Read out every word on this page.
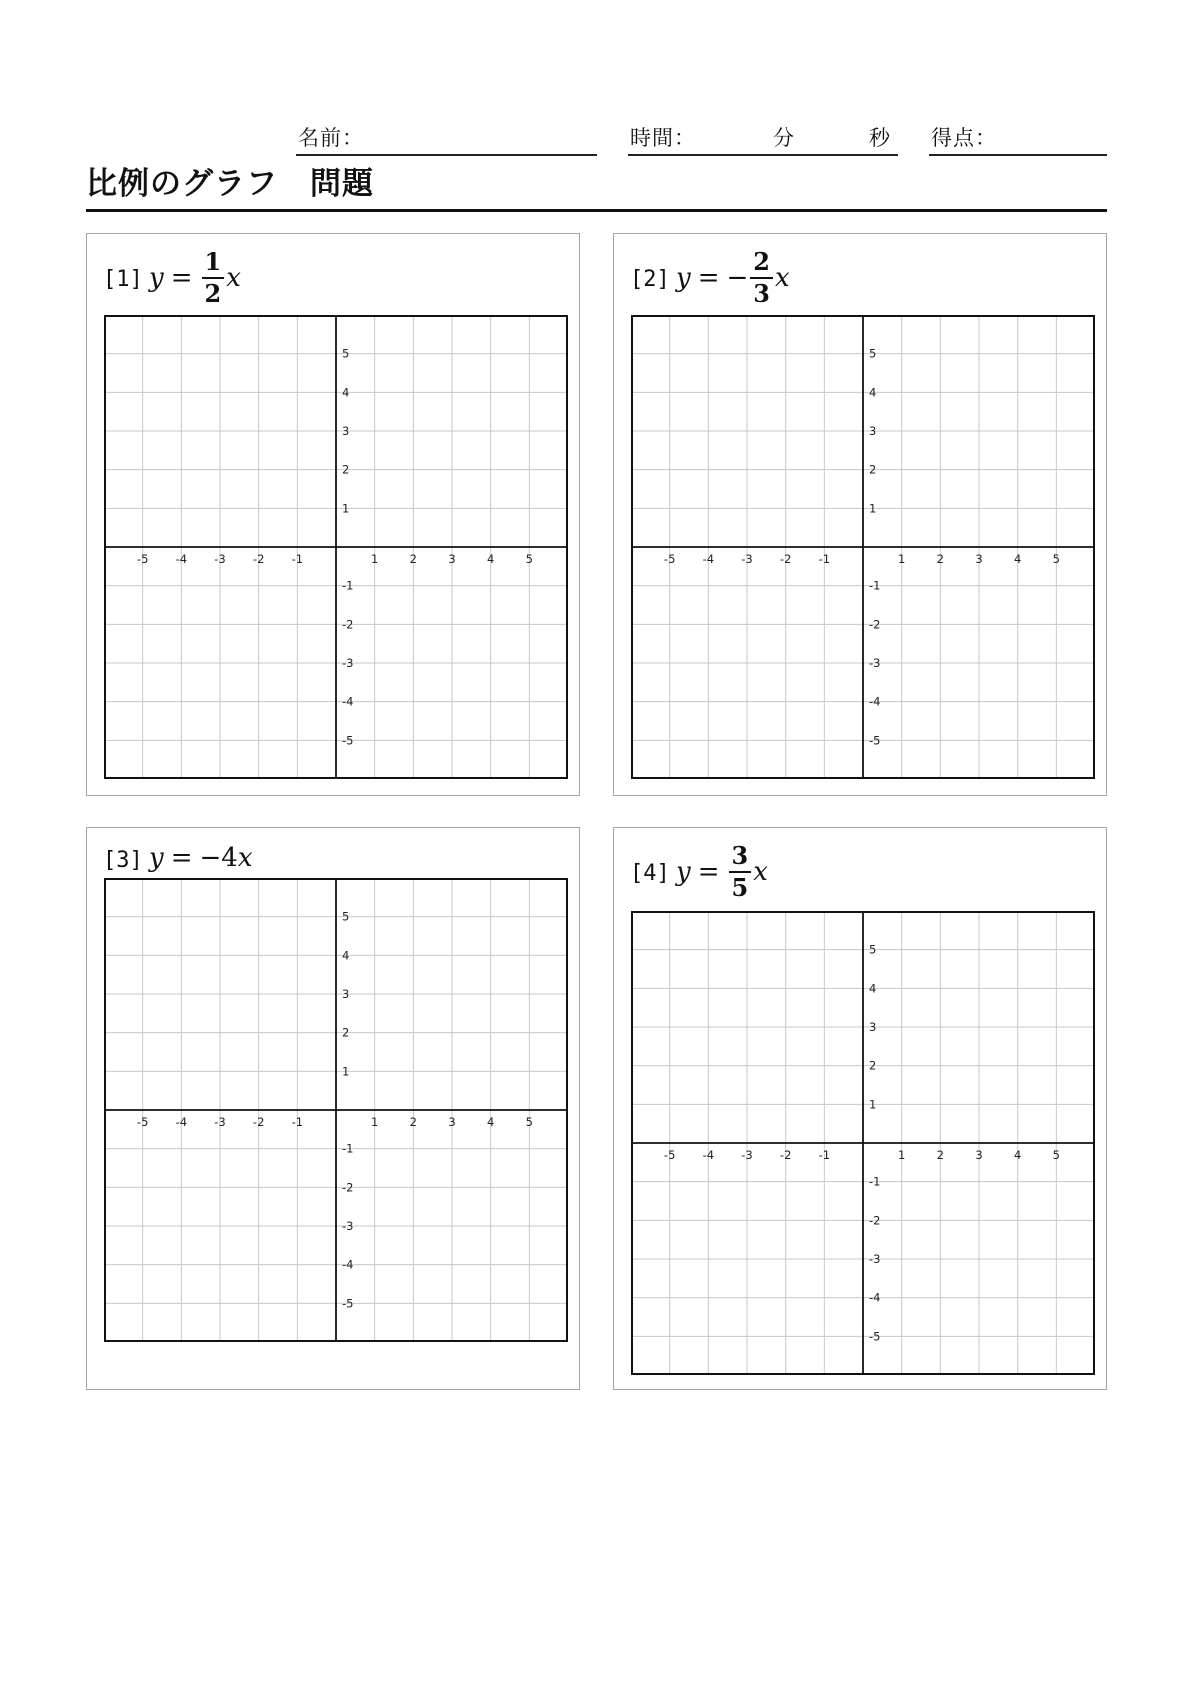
名前：	時間：	分	秒 得点：
比例のグラフ　問題
[1] $y = \frac{1}{2}$ x	[2] y = − $\frac{2}{3}$ x
[3] y = −4 x
[4] $y = \frac{3}{5}$ x
-5 -4 -3 -2 -1	1	2	3	4	5
5
4
3
2
1
-1
-2
-3
-4
-5
-5 -4 -3 -2 -1	1	2	3	4	5
5
4
3
2
1
-1
-2
-3
-4
-5
-5 -4 -3 -2 -1	1	2	3	4	5
5
4
3
2
1
-1
-2
-3
-4
-5
-5 -4 -3 -2 -1	1	2	3	4	5
5
4
3
2
1
-1
-2
-3
-4
-5
